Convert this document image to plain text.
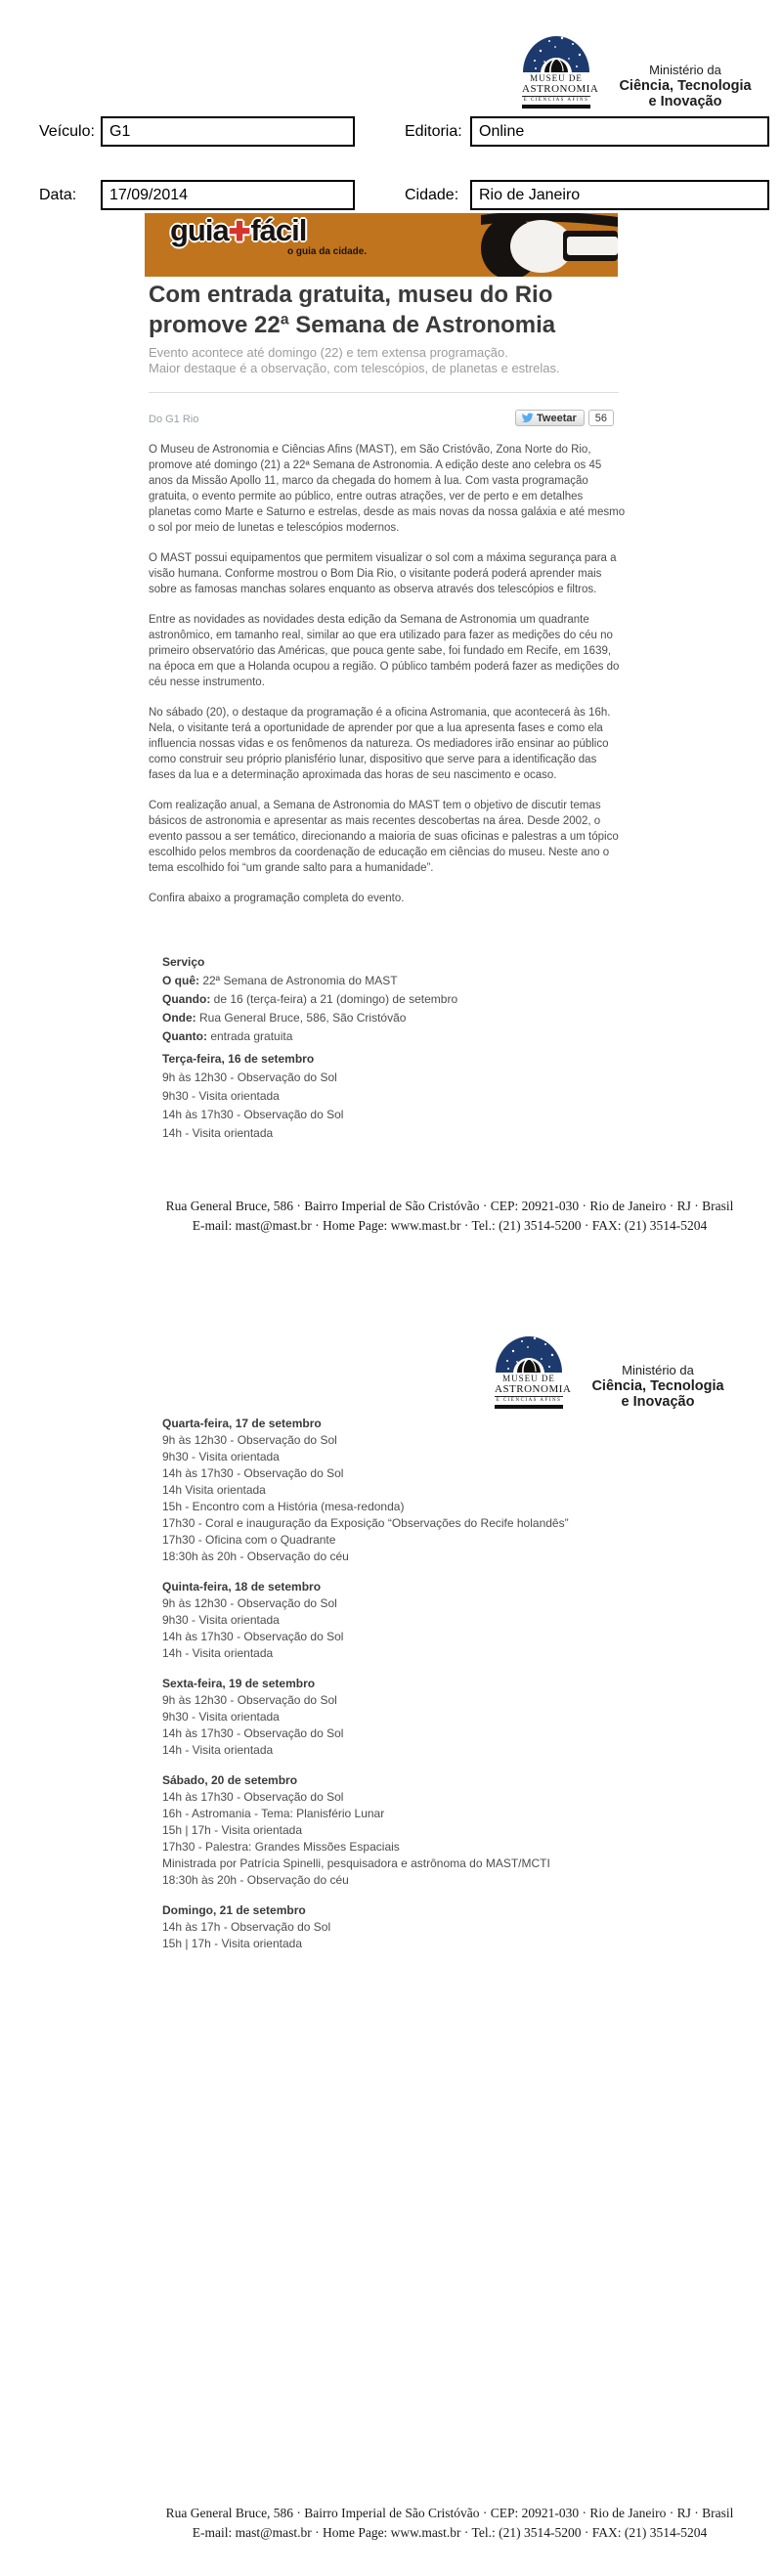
MUSEU DE
ASTRONOMIA
E CIÊNCIAS AFINS
Ministério da
Ciência, Tecnologia
e Inovação
Veículo: G1	Editoria:	Online
Data:	17/09/2014	Cidade:	Rio de Janeiro
guia✚fácil
o guia da cidade.
Com entrada gratuita, museu do Rio
promove 22ª Semana de Astronomia
Evento acontece até domingo (22) e tem extensa programação.
Maior destaque é a observação, com telescópios, de planetas e estrelas.
Do G1 Rio	Tweetar	56

O Museu de Astronomia e Ciências Afins (MAST), em São Cristóvão, Zona Norte do Rio, promove até domingo (21) a 22ª Semana de Astronomia. A edição deste ano celebra os 45 anos da Missão Apollo 11, marco da chegada do homem à lua. Com vasta programação gratuita, o evento permite ao público, entre outras atrações, ver de perto e em detalhes planetas como Marte e Saturno e estrelas, desde as mais novas da nossa galáxia e até mesmo o sol por meio de lunetas e telescópios modernos.

O MAST possui equipamentos que permitem visualizar o sol com a máxima segurança para a visão humana. Conforme mostrou o Bom Dia Rio, o visitante poderá poderá aprender mais sobre as famosas manchas solares enquanto as observa através dos telescópios e filtros.

Entre as novidades as novidades desta edição da Semana de Astronomia um quadrante astronômico, em tamanho real, similar ao que era utilizado para fazer as medições do céu no primeiro observatório das Américas, que pouca gente sabe, foi fundado em Recife, em 1639, na época em que a Holanda ocupou a região. O público também poderá fazer as medições do céu nesse instrumento.

No sábado (20), o destaque da programação é a oficina Astromania, que acontecerá às 16h. Nela, o visitante terá a oportunidade de aprender por que a lua apresenta fases e como ela influencia nossas vidas e os fenômenos da natureza. Os mediadores irão ensinar ao público como construir seu próprio planisfério lunar, dispositivo que serve para a identificação das fases da lua e a determinação aproximada das horas de seu nascimento e ocaso.

Com realização anual, a Semana de Astronomia do MAST tem o objetivo de discutir temas básicos de astronomia e apresentar as mais recentes descobertas na área. Desde 2002, o evento passou a ser temático, direcionando a maioria de suas oficinas e palestras a um tópico escolhido pelos membros da coordenação de educação em ciências do museu. Neste ano o tema escolhido foi “um grande salto para a humanidade”.

Confira abaixo a programação completa do evento.

Serviço
O quê: 22ª Semana de Astronomia do MAST
Quando: de 16 (terça-feira) a 21 (domingo) de setembro
Onde: Rua General Bruce, 586, São Cristóvão
Quanto: entrada gratuita
Terça-feira, 16 de setembro
9h às 12h30 - Observação do Sol
9h30 - Visita orientada
14h às 17h30 - Observação do Sol
14h - Visita orientada
Rua General Bruce, 586 · Bairro Imperial de São Cristóvão · CEP: 20921-030 · Rio de Janeiro · RJ · Brasil
E-mail: mast@mast.br · Home Page: www.mast.br · Tel.: (21) 3514-5200 · FAX: (21) 3514-5204
MUSEU DE
ASTRONOMIA
E CIÊNCIAS AFINS
Ministério da
Ciência, Tecnologia
e Inovação
Quarta-feira, 17 de setembro
9h às 12h30 - Observação do Sol
9h30 - Visita orientada
14h às 17h30 - Observação do Sol
14h Visita orientada
15h - Encontro com a História (mesa-redonda)
17h30 - Coral e inauguração da Exposição “Observações do Recife holandês”
17h30 - Oficina com o Quadrante
18:30h às 20h - Observação do céu
Quinta-feira, 18 de setembro
9h às 12h30 - Observação do Sol
9h30 - Visita orientada
14h às 17h30 - Observação do Sol
14h - Visita orientada
Sexta-feira, 19 de setembro
9h às 12h30 - Observação do Sol
9h30 - Visita orientada
14h às 17h30 - Observação do Sol
14h - Visita orientada
Sábado, 20 de setembro
14h às 17h30 - Observação do Sol
16h - Astromania - Tema: Planisfério Lunar
15h | 17h - Visita orientada
17h30 - Palestra: Grandes Missões Espaciais
Ministrada por Patrícia Spinelli, pesquisadora e astrônoma do MAST/MCTI
18:30h às 20h - Observação do céu
Domingo, 21 de setembro
14h às 17h - Observação do Sol
15h | 17h - Visita orientada
Rua General Bruce, 586 · Bairro Imperial de São Cristóvão · CEP: 20921-030 · Rio de Janeiro · RJ · Brasil
E-mail: mast@mast.br · Home Page: www.mast.br · Tel.: (21) 3514-5200 · FAX: (21) 3514-5204
